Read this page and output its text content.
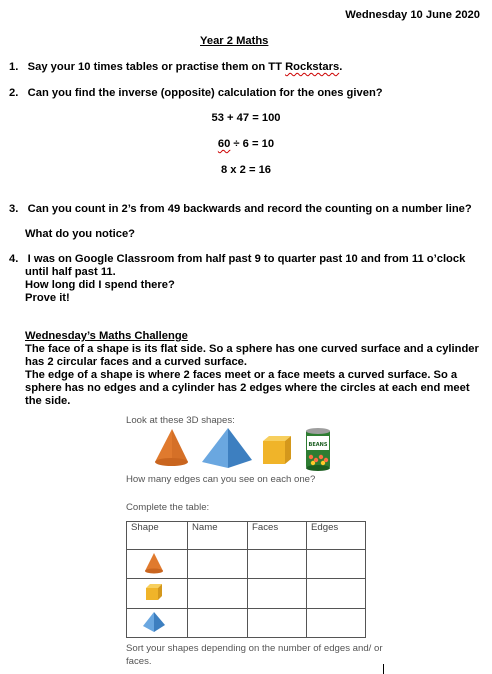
Wednesday 10 June 2020
Year 2 Maths
1. Say your 10 times tables or practise them on TT Rockstars.
2. Can you find the inverse (opposite) calculation for the ones given?
53 + 47 = 100
60 ÷ 6 = 10
8 x 2 = 16
3. Can you count in 2’s from 49 backwards and record the counting on a number line?
What do you notice?
4. I was on Google Classroom from half past 9 to quarter past 10 and from 11 o’clock
until half past 11.
How long did I spend there?
Prove it!
Wednesday’s Maths Challenge
The face of a shape is its flat side. So a sphere has one curved surface and a cylinder has 2 circular faces and a curved surface.
The edge of a shape is where 2 faces meet or a face meets a curved surface. So a sphere has no edges and a cylinder has 2 edges where the circles at each end meet the side.
Look at these 3D shapes:
BEANS
How many edges can you see on each one?
Complete the table:
Shape	Name	Faces	Edges

Sort your shapes depending on the number of edges and/ or
faces.
